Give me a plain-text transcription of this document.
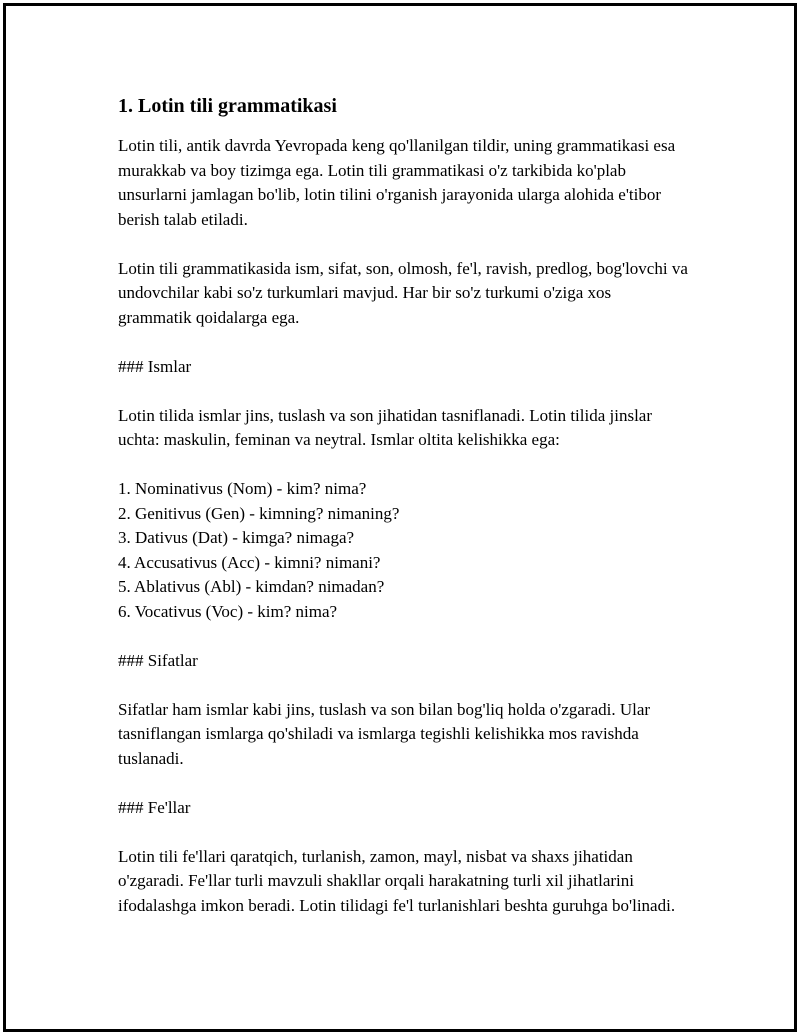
1. Lotin tili grammatikasi

Lotin tili, antik davrda Yevropada keng qo'llanilgan tildir, uning grammatikasi esa murakkab va boy tizimga ega. Lotin tili grammatikasi o'z tarkibida ko'plab unsurlarni jamlagan bo'lib, lotin tilini o'rganish jarayonida ularga alohida e'tibor berish talab etiladi.

Lotin tili grammatikasida ism, sifat, son, olmosh, fe'l, ravish, predlog, bog'lovchi va undovchilar kabi so'z turkumlari mavjud. Har bir so'z turkumi o'ziga xos grammatik qoidalarga ega.

### Ismlar

Lotin tilida ismlar jins, tuslash va son jihatidan tasniflanadi. Lotin tilida jinslar uchta: maskulin, feminan va neytral. Ismlar oltita kelishikka ega:

1. Nominativus (Nom) - kim? nima?
2. Genitivus (Gen) - kimning? nimaning?
3. Dativus (Dat) - kimga? nimaga?
4. Accusativus (Acc) - kimni? nimani?
5. Ablativus (Abl) - kimdan? nimadan?
6. Vocativus (Voc) - kim? nima?

### Sifatlar

Sifatlar ham ismlar kabi jins, tuslash va son bilan bog'liq holda o'zgaradi. Ular tasniflangan ismlarga qo'shiladi va ismlarga tegishli kelishikka mos ravishda tuslanadi.

### Fe'llar

Lotin tili fe'llari qaratqich, turlanish, zamon, mayl, nisbat va shaxs jihatidan o'zgaradi. Fe'llar turli mavzuli shakllar orqali harakatning turli xil jihatlarini ifodalashga imkon beradi. Lotin tilidagi fe'l turlanishlari beshta guruhga bo'linadi.
